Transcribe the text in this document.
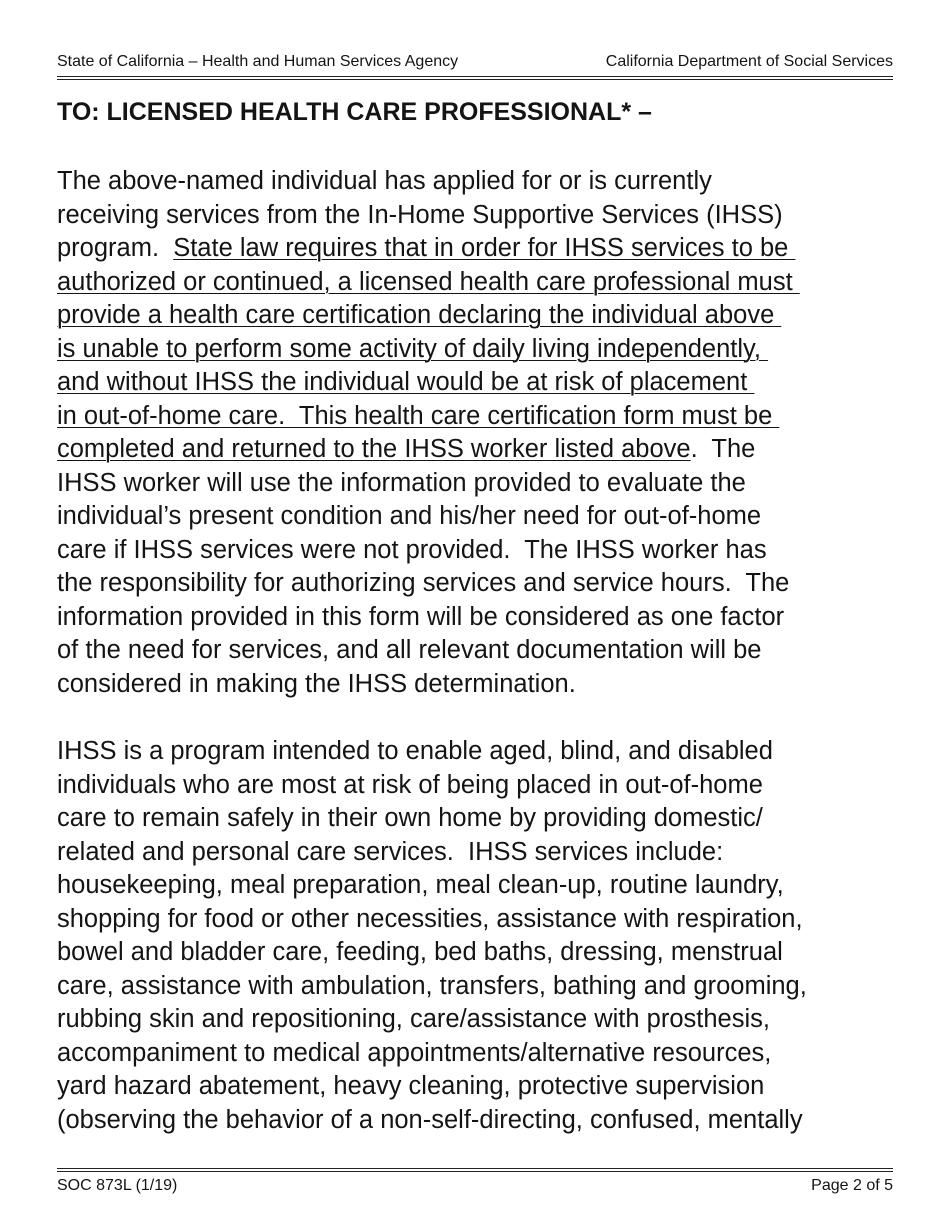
State of California – Health and Human Services Agency	California Department of Social Services
TO: LICENSED HEALTH CARE PROFESSIONAL* –

The above-named individual has applied for or is currently
receiving services from the In-Home Supportive Services (IHSS)
program.  State law requires that in order for IHSS services to be
authorized or continued, a licensed health care professional must
provide a health care certification declaring the individual above
is unable to perform some activity of daily living independently,
and without IHSS the individual would be at risk of placement
in out-of-home care.  This health care certification form must be
completed and returned to the IHSS worker listed above.  The
IHSS worker will use the information provided to evaluate the
individual’s present condition and his/her need for out-of-home
care if IHSS services were not provided.  The IHSS worker has
the responsibility for authorizing services and service hours.  The
information provided in this form will be considered as one factor
of the need for services, and all relevant documentation will be
considered in making the IHSS determination.

IHSS is a program intended to enable aged, blind, and disabled
individuals who are most at risk of being placed in out-of-home
care to remain safely in their own home by providing domestic/
related and personal care services.  IHSS services include:
housekeeping, meal preparation, meal clean-up, routine laundry,
shopping for food or other necessities, assistance with respiration,
bowel and bladder care, feeding, bed baths, dressing, menstrual
care, assistance with ambulation, transfers, bathing and grooming,
rubbing skin and repositioning, care/assistance with prosthesis,
accompaniment to medical appointments/alternative resources,
yard hazard abatement, heavy cleaning, protective supervision
(observing the behavior of a non-self-directing, confused, mentally

SOC 873L (1/19)	Page 2 of 5
